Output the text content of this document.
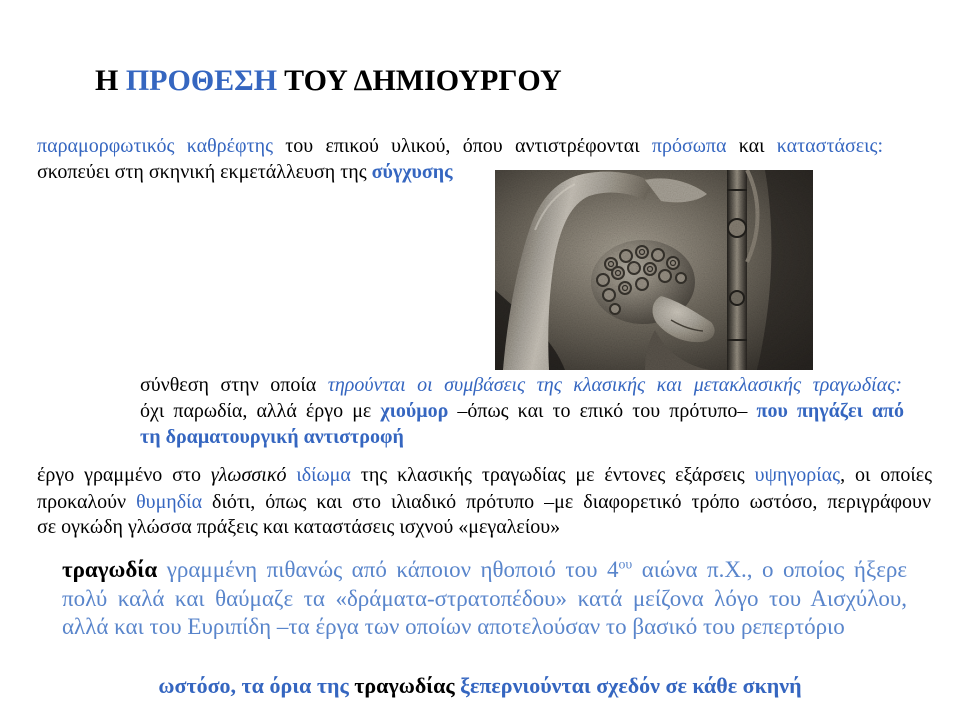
Η ΠΡΟΘΕΣΗ ΤΟΥ ΔΗΜΙΟΥΡΓΟΥ
παραμορφωτικός καθρέφτης του επικού υλικού, όπου αντιστρέφονται πρόσωπα και καταστάσεις:
σκοπεύει στη σκηνική εκμετάλλευση της σύγχυσης
σύνθεση στην οποία τηρούνται οι συμβάσεις της κλασικής και μετακλασικής τραγωδίας:
όχι παρωδία, αλλά έργο με χιούμορ –όπως και το επικό του πρότυπο– που πηγάζει από
τη δραματουργική αντιστροφή
έργο γραμμένο στο γλωσσικό ιδίωμα της κλασικής τραγωδίας με έντονες εξάρσεις υψηγορίας, οι οποίες
προκαλούν θυμηδία διότι, όπως και στο ιλιαδικό πρότυπο –με διαφορετικό τρόπο ωστόσο, περιγράφουν
σε ογκώδη γλώσσα πράξεις και καταστάσεις ισχνού «μεγαλείου»
τραγωδία γραμμένη πιθανώς από κάποιον ηθοποιό του $4^{o\upsilon}$ αιώνα π.Χ., ο οποίος ήξερε
πολύ καλά και θαύμαζε τα «δράματα-στρατοπέδου» κατά μείζονα λόγο του Αισχύλου,
αλλά και του Ευριπίδη –τα έργα των οποίων αποτελούσαν το βασικό του ρεπερτόριο
ωστόσο, τα όρια της τραγωδίας ξεπερνιούνται σχεδόν σε κάθε σκηνή
